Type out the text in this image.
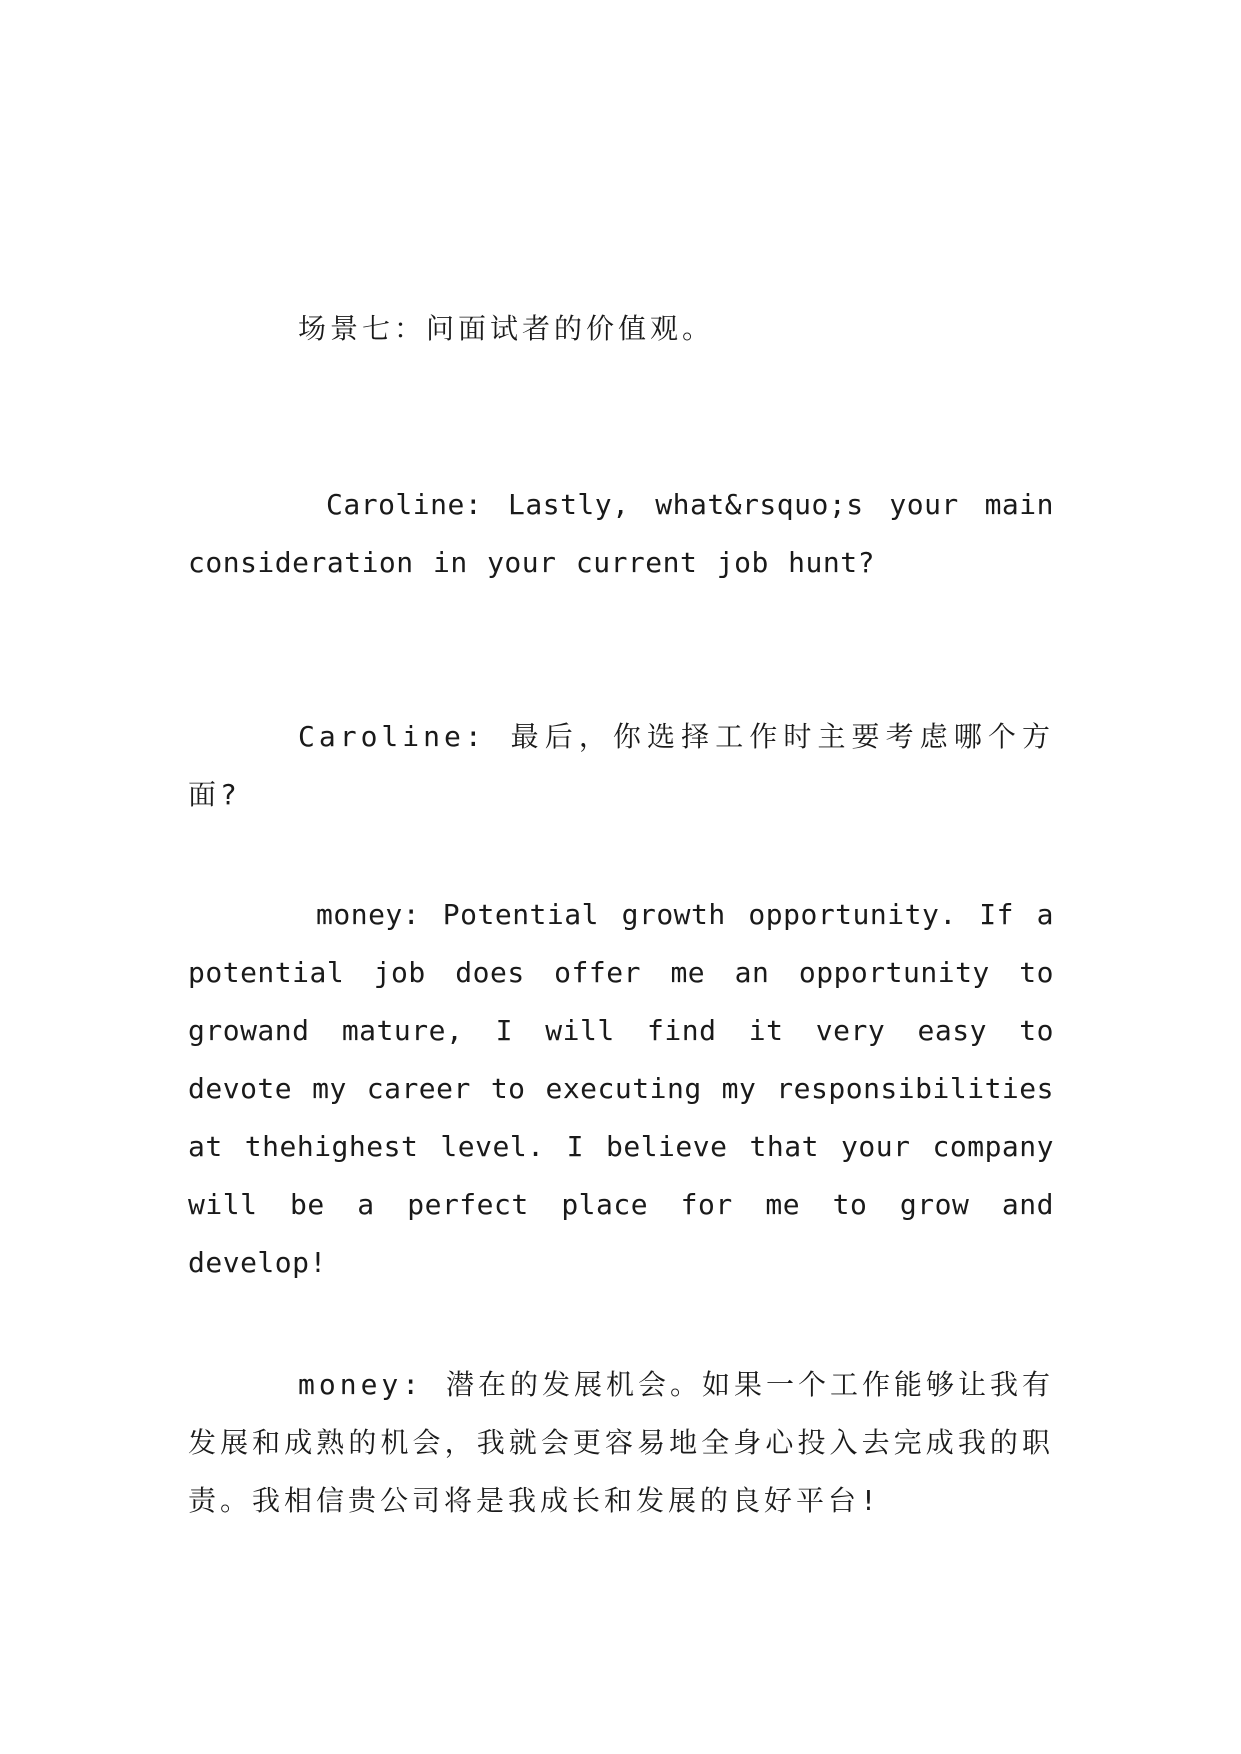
场景七：问面试者的价值观。

Caroline: Lastly, what&rsquo;s your main consideration in your current job hunt?

Caroline: 最后，你选择工作时主要考虑哪个方面?

money: Potential growth opportunity. If a potential job does offer me an opportunity to growand mature, I will find it very easy to devote my career to executing my responsibilities at thehighest level. I believe that your company will be a perfect place for me to grow and develop!

money: 潜在的发展机会。如果一个工作能够让我有发展和成熟的机会，我就会更容易地全身心投入去完成我的职责。我相信贵公司将是我成长和发展的良好平台!
